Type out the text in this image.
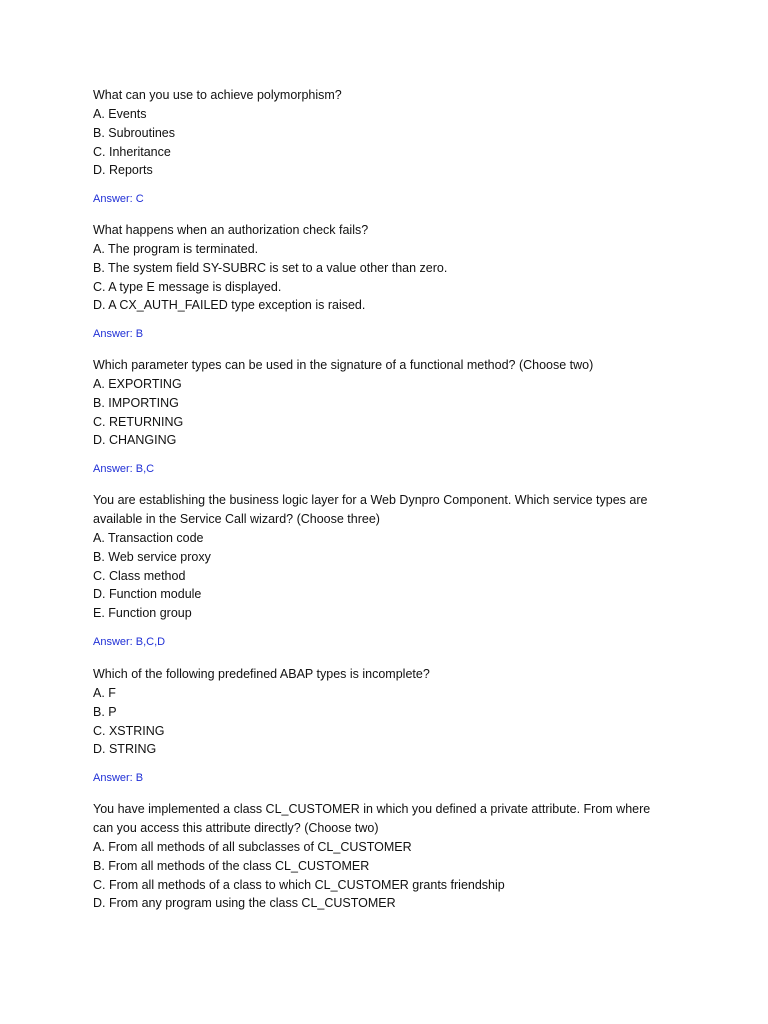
What can you use to achieve polymorphism?

A. Events
B. Subroutines
C. Inheritance
D. Reports
Answer: C

What happens when an authorization check fails?

A. The program is terminated.
B. The system field SY-SUBRC is set to a value other than zero.
C. A type E message is displayed.
D. A CX_AUTH_FAILED type exception is raised.
Answer: B

Which parameter types can be used in the signature of a functional method? (Choose two)

A. EXPORTING
B. IMPORTING
C. RETURNING
D. CHANGING
Answer: B,C

You are establishing the business logic layer for a Web Dynpro Component. Which service types are available in the Service Call wizard? (Choose three)

A. Transaction code
B. Web service proxy
C. Class method
D. Function module
E. Function group
Answer: B,C,D

Which of the following predefined ABAP types is incomplete?

A. F
B. P
C. XSTRING
D. STRING
Answer: B

You have implemented a class CL_CUSTOMER in which you defined a private attribute. From where can you access this attribute directly? (Choose two)

A. From all methods of all subclasses of CL_CUSTOMER
B. From all methods of the class CL_CUSTOMER
C. From all methods of a class to which CL_CUSTOMER grants friendship
D. From any program using the class CL_CUSTOMER
